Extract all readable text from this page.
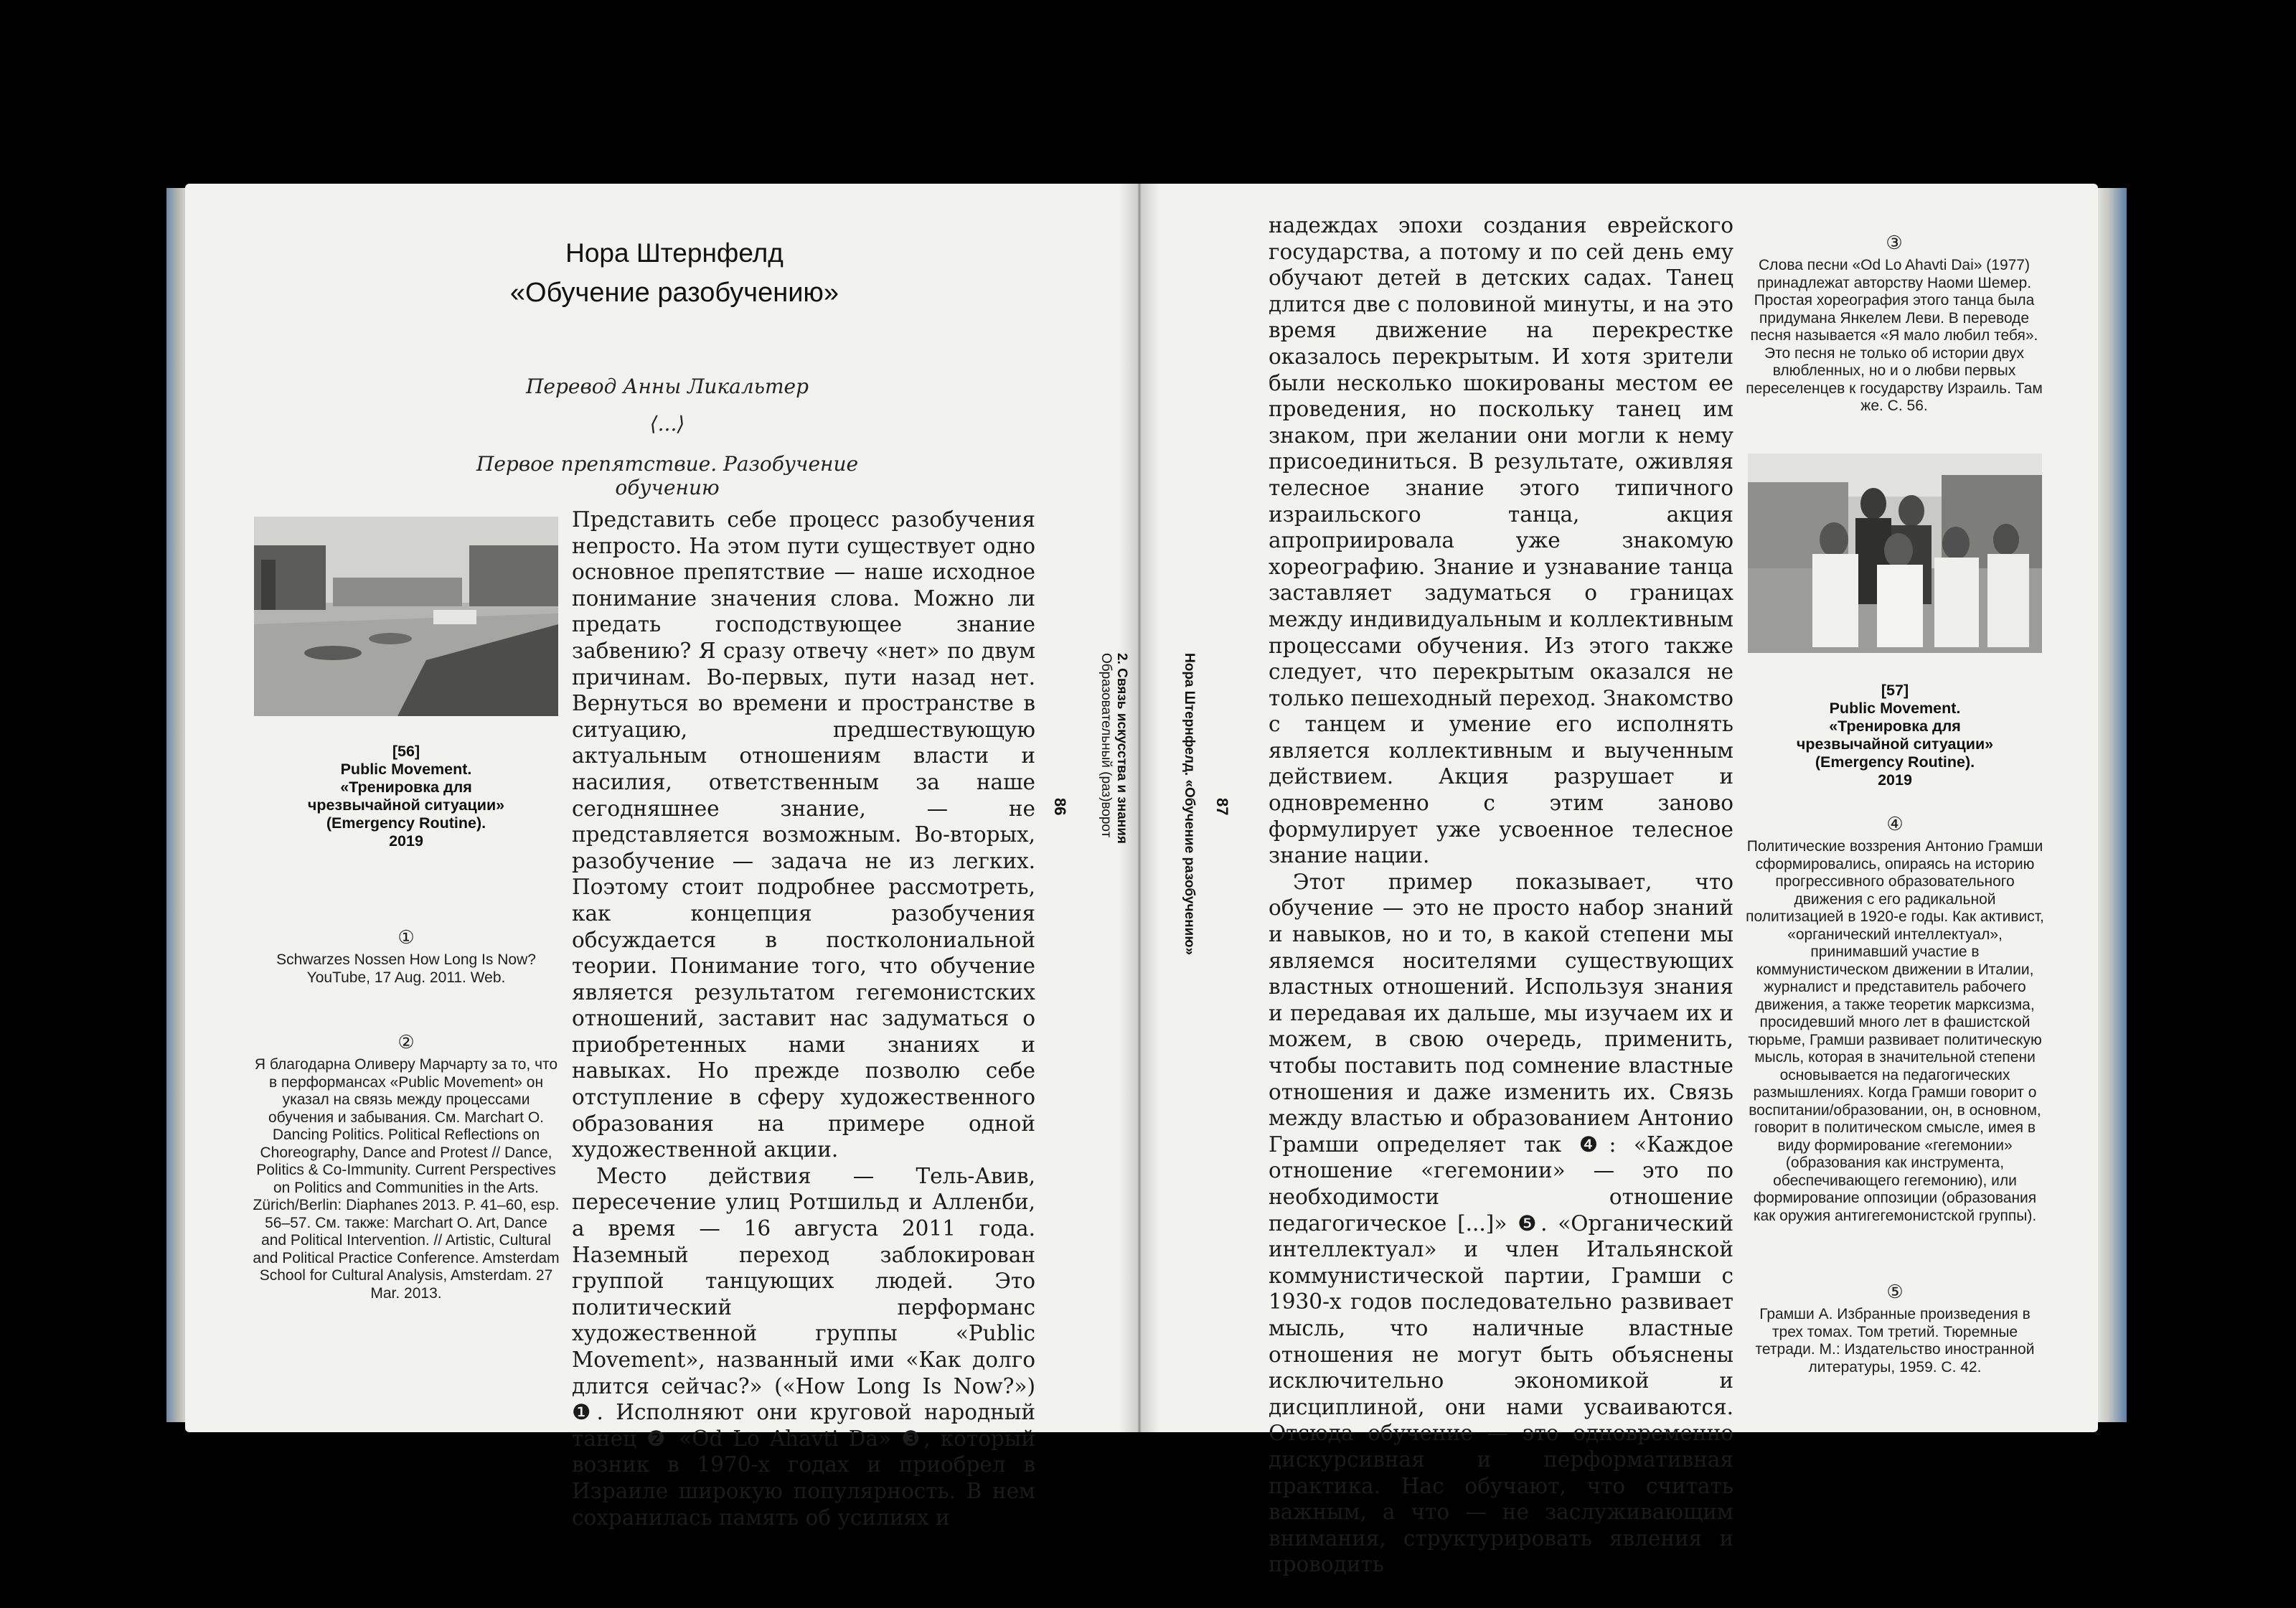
Нора Штернфелд
«Обучение разобучению»
Перевод Анны Ликальтер
⟨...⟩
Первое препятствие. Разобучение обучению
[56]
Public Movement.
«Тренировка для
чрезвычайной ситуации»
(Emergency Routine).
2019
①
Schwarzes Nossen How Long Is Now? YouTube, 17 Aug. 2011. Web.
②
Я благодарна Оливеру Марчарту за то, что в перформансах «Public Movement» он указал на связь между процессами обучения и забывания. См. Marchart O. Dancing Politics. Political Reflections on Choreography, Dance and Protest // Dance, Politics & Co-Immunity. Current Perspectives on Politics and Communities in the Arts. Zürich/Berlin: Diaphanes 2013. P. 41–60, esp. 56–57. См. также: Marchart O. Art, Dance and Political Intervention. // Artistic, Cultural and Political Practice Conference. Amsterdam School for Cultural Analysis, Amsterdam. 27 Mar. 2013.

Представить себе процесс разобучения непросто. На этом пути существует одно основное препятствие — наше исходное понимание значения слова. Можно ли предать господствующее знание забвению? Я сразу отвечу «нет» по двум причинам. Во-первых, пути назад нет. Вернуться во времени и пространстве в ситуацию, предшествующую актуальным отношениям власти и насилия, ответственным за наше сегодняшнее знание, — не представляется возможным. Во-вторых, разобучение — задача не из легких. Поэтому стоит подробнее рассмотреть, как концепция разобучения обсуждается в постколониальной теории. Понимание того, что обучение является результатом гегемонистских отношений, заставит нас задуматься о приобретенных нами знаниях и навыках. Но прежде позволю себе отступление в сферу художественного образования на примере одной художественной акции.

Место действия — Тель-Авив, пересечение улиц Ротшильд и Алленби, а время — 16 августа 2011 года. Наземный переход заблокирован группой танцующих людей. Это политический перформанс художественной группы «Public Movement», названный ими «Как долго длится сейчас?» («How Long Is Now?») ❶. Исполняют они круговой народный танец ❷ «Od Lo Ahavti Da» ❸, который возник в 1970-х годах и приобрел в Израиле широкую популярность. В нем сохранилась память об усилиях и

86	2. Связь искусства и знания
Образовательный (раз)ворот	Нора Штернфелд. «Обучение разобучению» 87

надеждах эпохи создания еврейского государства, а потому и по сей день ему обучают детей в детских садах. Танец длится две с половиной минуты, и на это время движение на перекрестке оказалось перекрытым. И хотя зрители были несколько шокированы местом ее проведения, но поскольку танец им знаком, при желании они могли к нему присоединиться. В результате, оживляя телесное знание этого типичного израильского танца, акция апроприировала уже знакомую хореографию. Знание и узнавание танца заставляет задуматься о границах между индивидуальным и коллективным процессами обучения. Из этого также следует, что перекрытым оказался не только пешеходный переход. Знакомство с танцем и умение его исполнять является коллективным и выученным действием. Акция разрушает и одновременно с этим заново формулирует уже усвоенное телесное знание нации.

Этот пример показывает, что обучение — это не просто набор знаний и навыков, но и то, в какой степени мы являемся носителями существующих властных отношений. Используя знания и передавая их дальше, мы изучаем их и можем, в свою очередь, применить, чтобы поставить под сомнение властные отношения и даже изменить их. Связь между властью и образованием Антонио Грамши определяет так ❹: «Каждое отношение «гегемонии» — это по необходимости отношение педагогическое [...]» ❺. «Органический интеллектуал» и член Итальянской коммунистической партии, Грамши с 1930-х годов последовательно развивает мысль, что наличные властные отношения не могут быть объяснены исключительно экономикой и дисциплиной, они нами усваиваются. Отсюда обучение — это одновременно дискурсивная и перформативная практика. Нас обучают, что считать важным, а что — не заслуживающим внимания, структурировать явления и проводить

③
Слова песни «Od Lo Ahavti Dai» (1977) принадлежат авторству Наоми Шемер. Простая хореография этого танца была придумана Янкелем Леви. В переводе песня называется «Я мало любил тебя». Это песня не только об истории двух влюбленных, но и о любви первых переселенцев к государству Израиль. Там же. С. 56.
[57]
Public Movement.
«Тренировка для
чрезвычайной ситуации»
(Emergency Routine).
2019
④
Политические воззрения Антонио Грамши сформировались, опираясь на историю прогрессивного образовательного движения с его радикальной политизацией в 1920-е годы. Как активист, «органический интеллектуал», принимавший участие в коммунистическом движении в Италии, журналист и представитель рабочего движения, а также теоретик марксизма, просидевший много лет в фашистской тюрьме, Грамши развивает политическую мысль, которая в значительной степени основывается на педагогических размышлениях. Когда Грамши говорит о воспитании/образовании, он, в основном, говорит в политическом смысле, имея в виду формирование «гегемонии» (образования как инструмента, обеспечивающего гегемонию), или формирование оппозиции (образования как оружия антигегемонистской группы).
⑤
Грамши А. Избранные произведения в трех томах. Том третий. Тюремные тетради. М.: Издательство иностранной литературы, 1959. С. 42.
